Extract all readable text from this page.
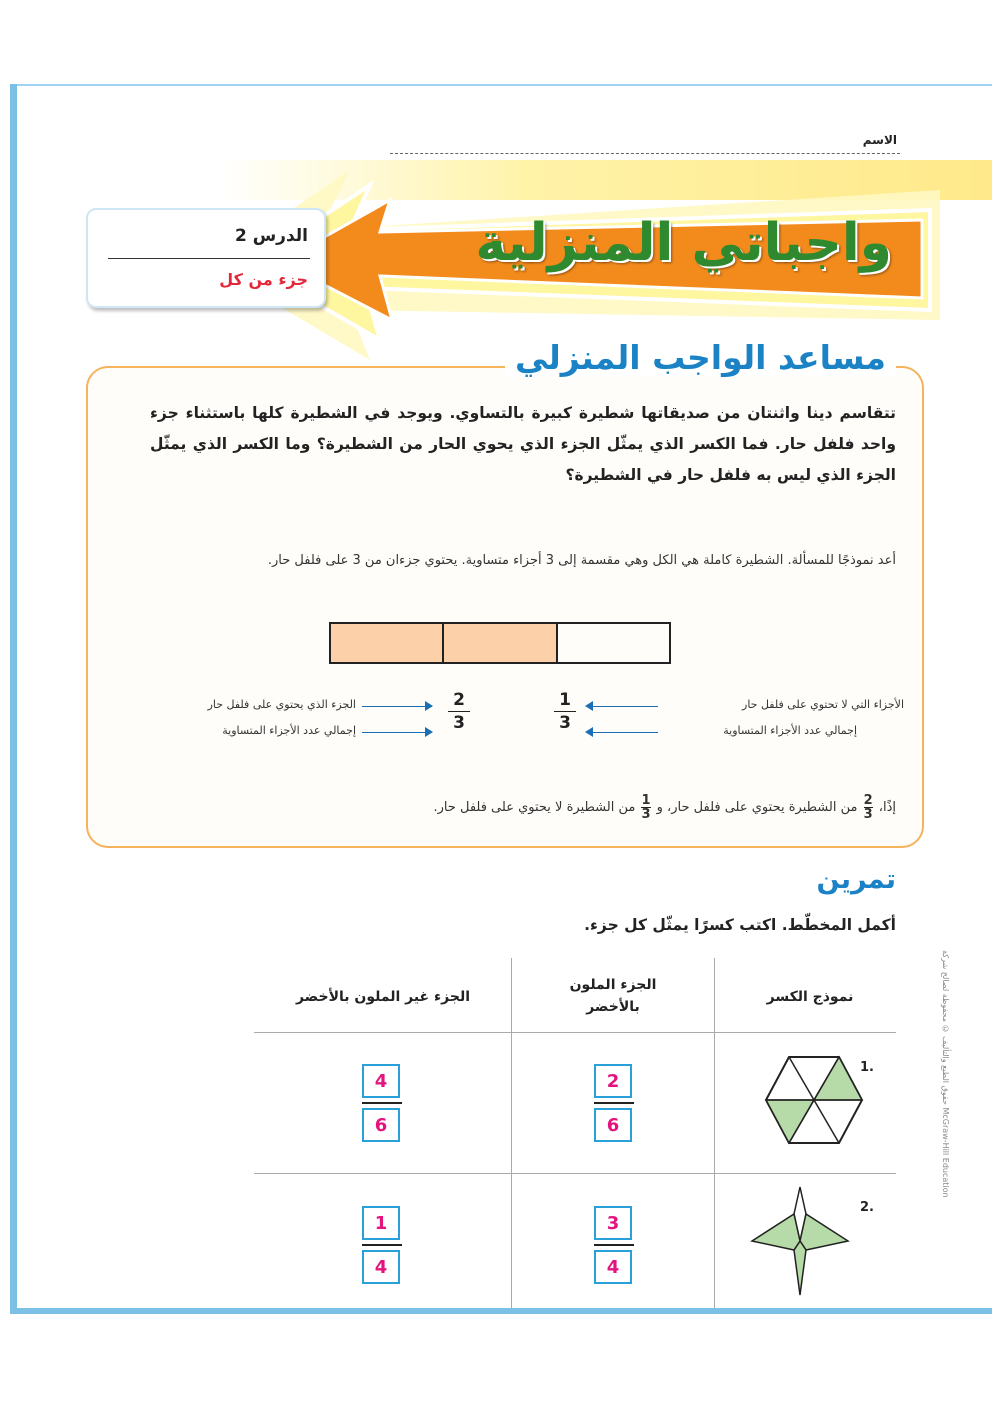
الاسم
واجباتي المنزلية
الدرس 2
جزء من كل
مساعد الواجب المنزلي
تتقاسم دينا واثنتان من صديقاتها شطيرة كبيرة بالتساوي. ويوجد في الشطيرة كلها باستثناء جزء واحد فلفل حار. فما الكسر الذي يمثّل الجزء الذي يحوي الحار من الشطيرة؟ وما الكسر الذي يمثّل الجزء الذي ليس به فلفل حار في الشطيرة؟
أعد نموذجًا للمسألة. الشطيرة كاملة هي الكل وهي مقسمة إلى 3 أجزاء متساوية. يحتوي جزءان من 3 على فلفل حار.
2
3
الجزء الذي يحتوي على فلفل حار
إجمالي عدد الأجزاء المتساوية
1
3
الأجزاء التي لا تحتوي على فلفل حار
إجمالي عدد الأجزاء المتساوية
إذًا،
$\frac{2}{3}$
من الشطيرة يحتوي على فلفل حار، و
$\frac{1}{3}$
من الشطيرة لا يحتوي على فلفل حار.
تمرين
أكمل المخطّط. اكتب كسرًا يمثّل كل جزء.
نموذج الكسر
الجزء الملون بالأخضر
الجزء غير الملون بالأخضر
1.
$\frac{2}{6}$
$\frac{4}{6}$
2.
$\frac{3}{4}$
$\frac{1}{4}$
حقوق الطبع والتأليف © محفوظة لصالح شركة McGraw-Hill Education
